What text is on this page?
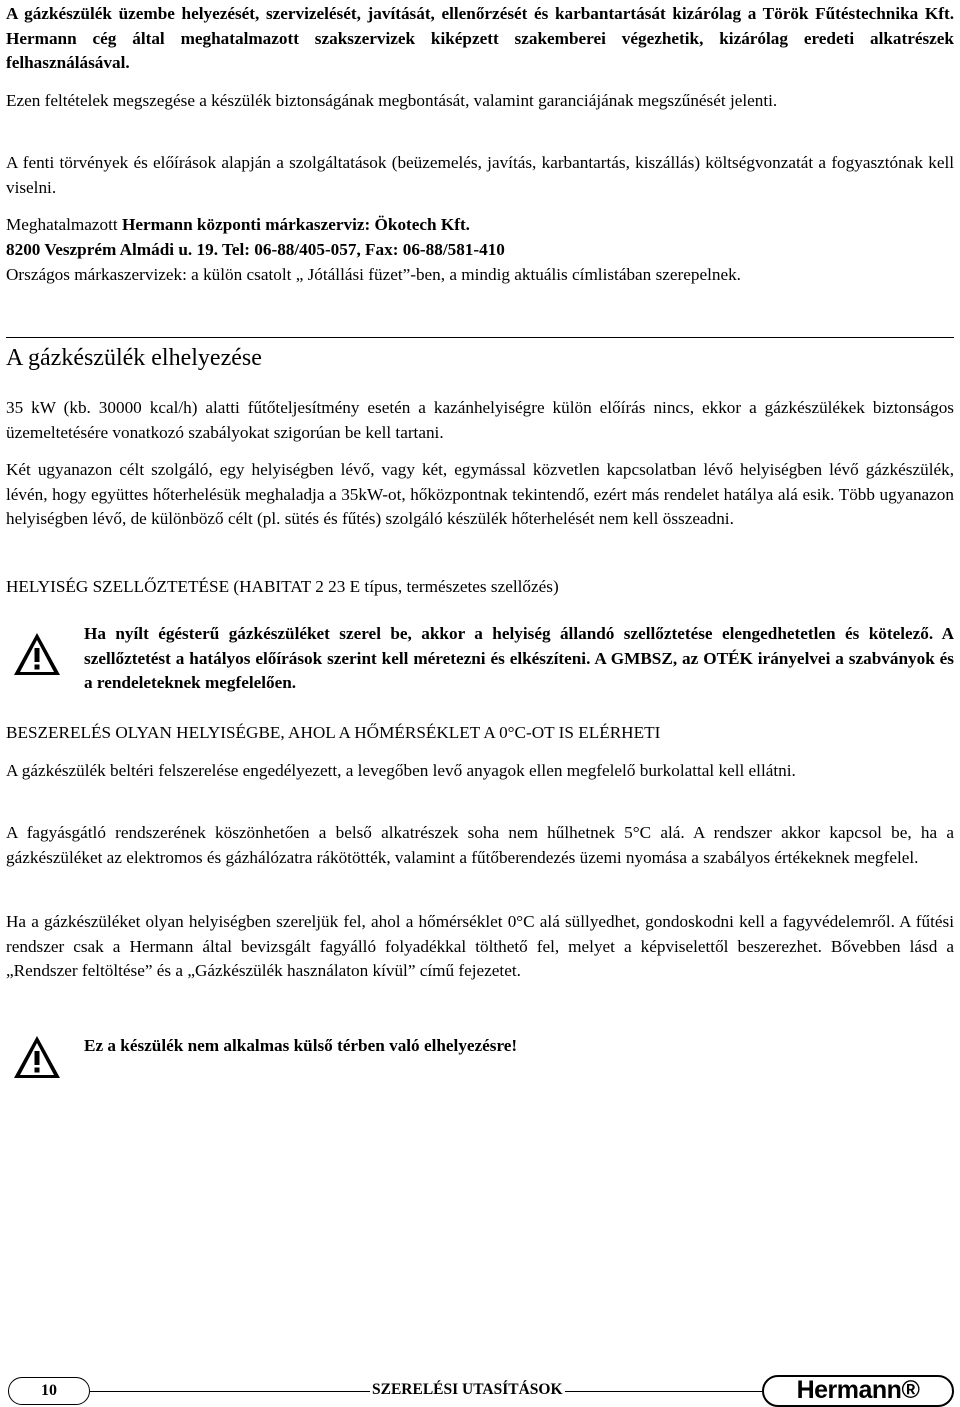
A gázkészülék üzembe helyezését, szervizelését, javítását, ellenőrzését és karbantartását kizárólag a Török Fűtéstechnika Kft. Hermann cég által meghatalmazott szakszervizek kiképzett szakemberei végezhetik, kizárólag eredeti alkatrészek felhasználásával.

Ezen feltételek megszegése a készülék biztonságának megbontását, valamint garanciájának megszűnését jelenti.

A fenti törvények és előírások alapján a szolgáltatások (beüzemelés, javítás, karbantartás, kiszállás) költségvonzatát a fogyasztónak kell viselni.

Meghatalmazott Hermann központi márkaszerviz: Ökotech Kft.

8200 Veszprém Almádi u. 19. Tel: 06-88/405-057, Fax: 06-88/581-410

Országos márkaszervizek: a külön csatolt „ Jótállási füzet”-ben, a mindig aktuális címlistában szerepelnek.

A gázkészülék elhelyezése

35 kW (kb. 30000 kcal/h) alatti fűtőteljesítmény esetén a kazánhelyiségre külön előírás nincs, ekkor a gázkészülékek biztonságos üzemeltetésére vonatkozó szabályokat szigorúan be kell tartani.

Két ugyanazon célt szolgáló, egy helyiségben lévő, vagy két, egymással közvetlen kapcsolatban lévő helyiségben lévő gázkészülék, lévén, hogy együttes hőterhelésük meghaladja a 35kW-ot, hőközpontnak tekintendő, ezért más rendelet hatálya alá esik. Több ugyanazon helyiségben lévő, de különböző célt (pl. sütés és fűtés) szolgáló készülék hőterhelését nem kell összeadni.

HELYISÉG SZELLŐZTETÉSE (HABITAT 2 23 E típus, természetes szellőzés)

Ha nyílt égésterű gázkészüléket szerel be, akkor a helyiség állandó szellőztetése elengedhetetlen és kötelező. A szellőztetést a hatályos előírások szerint kell méretezni és elkészíteni. A GMBSZ, az OTÉK irányelvei a szabványok és a rendeleteknek megfelelően.

BESZERELÉS OLYAN HELYISÉGBE, AHOL A HŐMÉRSÉKLET A 0°C-OT IS ELÉRHETI

A gázkészülék beltéri felszerelése engedélyezett, a levegőben levő anyagok ellen megfelelő burkolattal kell ellátni.

A fagyásgátló rendszerének köszönhetően a belső alkatrészek soha nem hűlhetnek 5°C alá. A rendszer akkor kapcsol be, ha a gázkészüléket az elektromos és gázhálózatra rákötötték, valamint a fűtőberendezés üzemi nyomása a szabályos értékeknek megfelel.

Ha a gázkészüléket olyan helyiségben szereljük fel, ahol a hőmérséklet 0°C alá süllyedhet, gondoskodni kell a fagyvédelemről. A fűtési rendszer csak a Hermann által bevizsgált fagyálló folyadékkal tölthető fel, melyet a képviselettől beszerezhet. Bővebben lásd a „Rendszer feltöltése” és a „Gázkészülék használaton kívül” című fejezetet.

Ez a készülék nem alkalmas külső térben való elhelyezésre!

10	SZERELÉSI UTASÍTÁSOK	Hermann®
